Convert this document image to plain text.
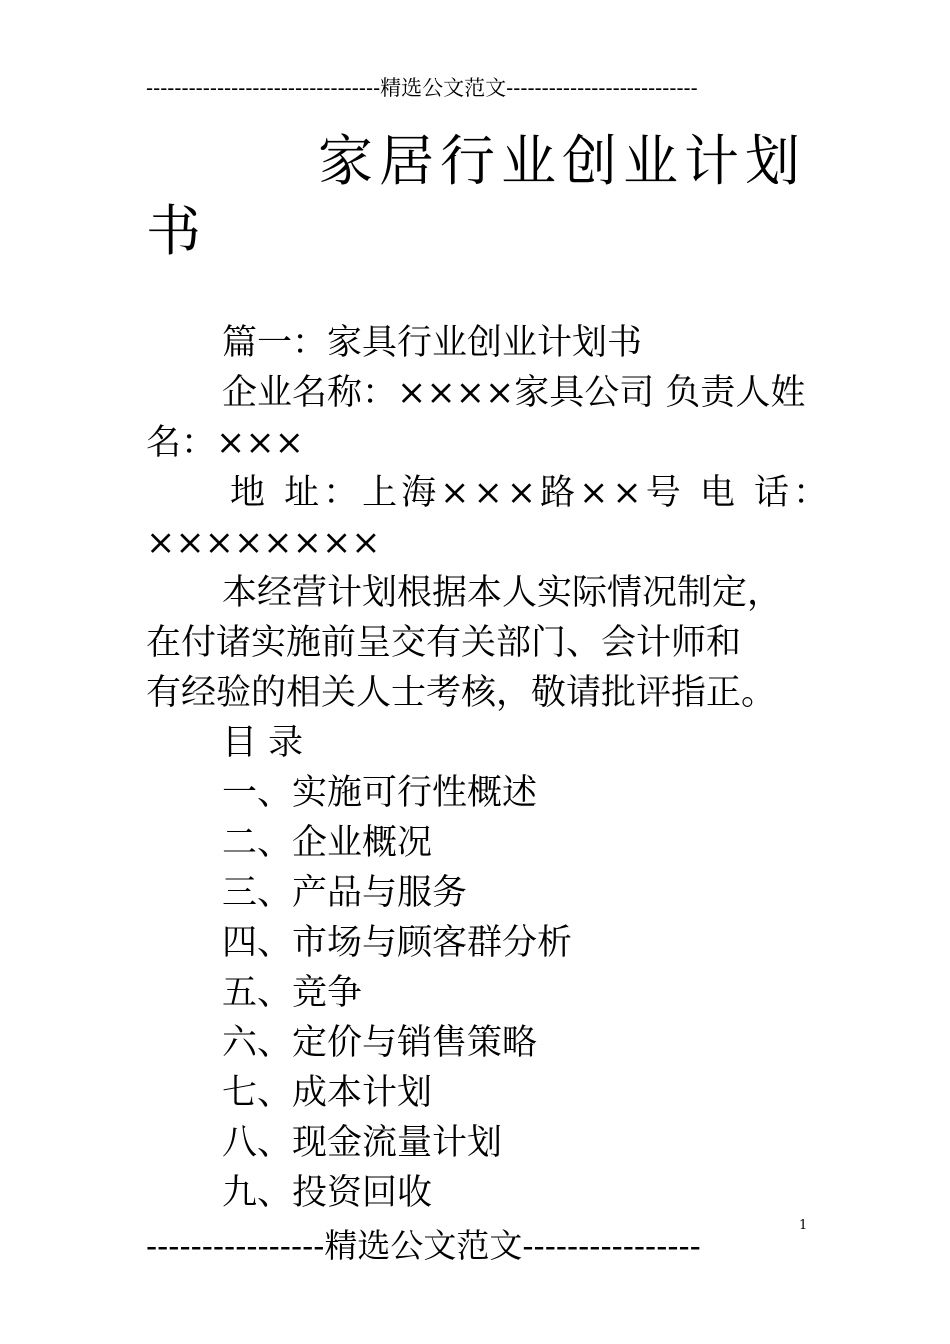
---------------------------------精选公文范文---------------------------
家居行业创业计划
书

篇一：家具行业创业计划书

企业名称：××××家具公司 负责人姓

名：×××

地 址：上海×××路××号 电 话：

××××××××

本经营计划根据本人实际情况制定，

在付诸实施前呈交有关部门、会计师和

有经验的相关人士考核，敬请批评指正。

目 录

一、实施可行性概述

二、企业概况

三、产品与服务

四、市场与顾客群分析

五、竞争

六、定价与销售策略

七、成本计划

八、现金流量计划

九、投资回收

1
----------------精选公文范文----------------
